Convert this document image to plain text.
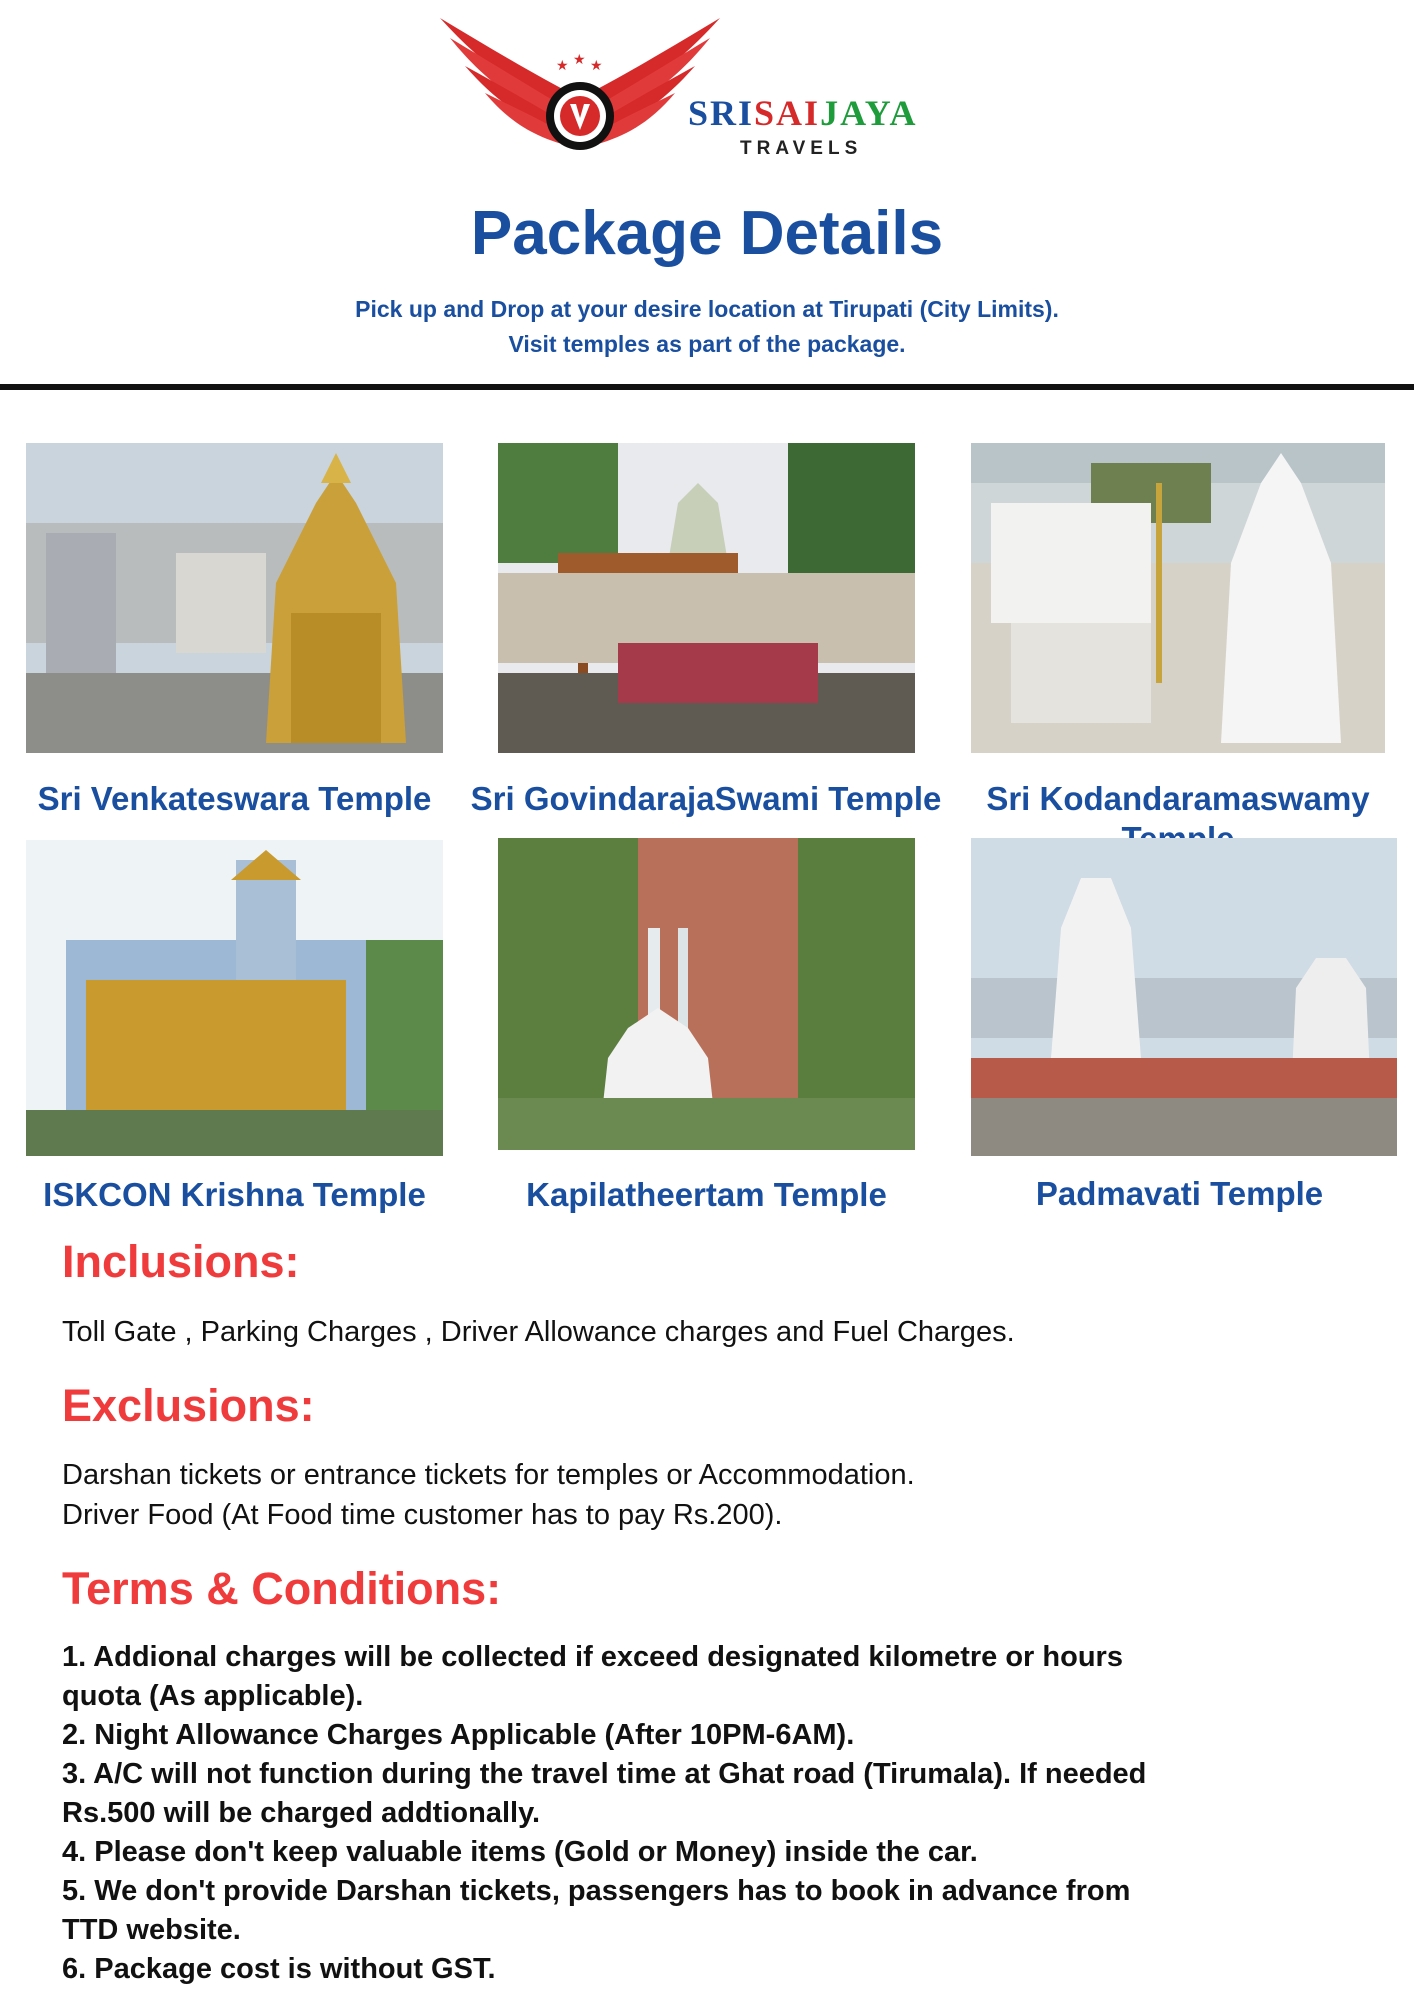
★ ★ ★
SRISAIJAYA
TRAVELS
Package Details
Pick up and Drop at your desire location at Tirupati (City Limits).
Visit temples as part of the package.
Sri Venkateswara Temple	Sri GovindarajaSwami Temple	Sri Kodandaramaswamy
ISKCON Krishna Temple	Kapilatheertam Temple	Padmavati Temple
Inclusions:
Toll Gate , Parking Charges , Driver Allowance charges and Fuel Charges.
Exclusions:
Darshan tickets or entrance tickets for temples or Accommodation.
Driver Food (At Food time customer has to pay Rs.200).
Terms & Conditions:
1. Addional charges will be collected if exceed designated kilometre or hours quota (As applicable).
2. Night Allowance Charges Applicable (After 10PM-6AM).
3. A/C will not function during the travel time at Ghat road (Tirumala). If needed Rs.500 will be charged addtionally.
4. Please don't keep valuable items (Gold or Money) inside the car.
5. We don't provide Darshan tickets, passengers has to book in advance from TTD website.
6. Package cost is without GST.
